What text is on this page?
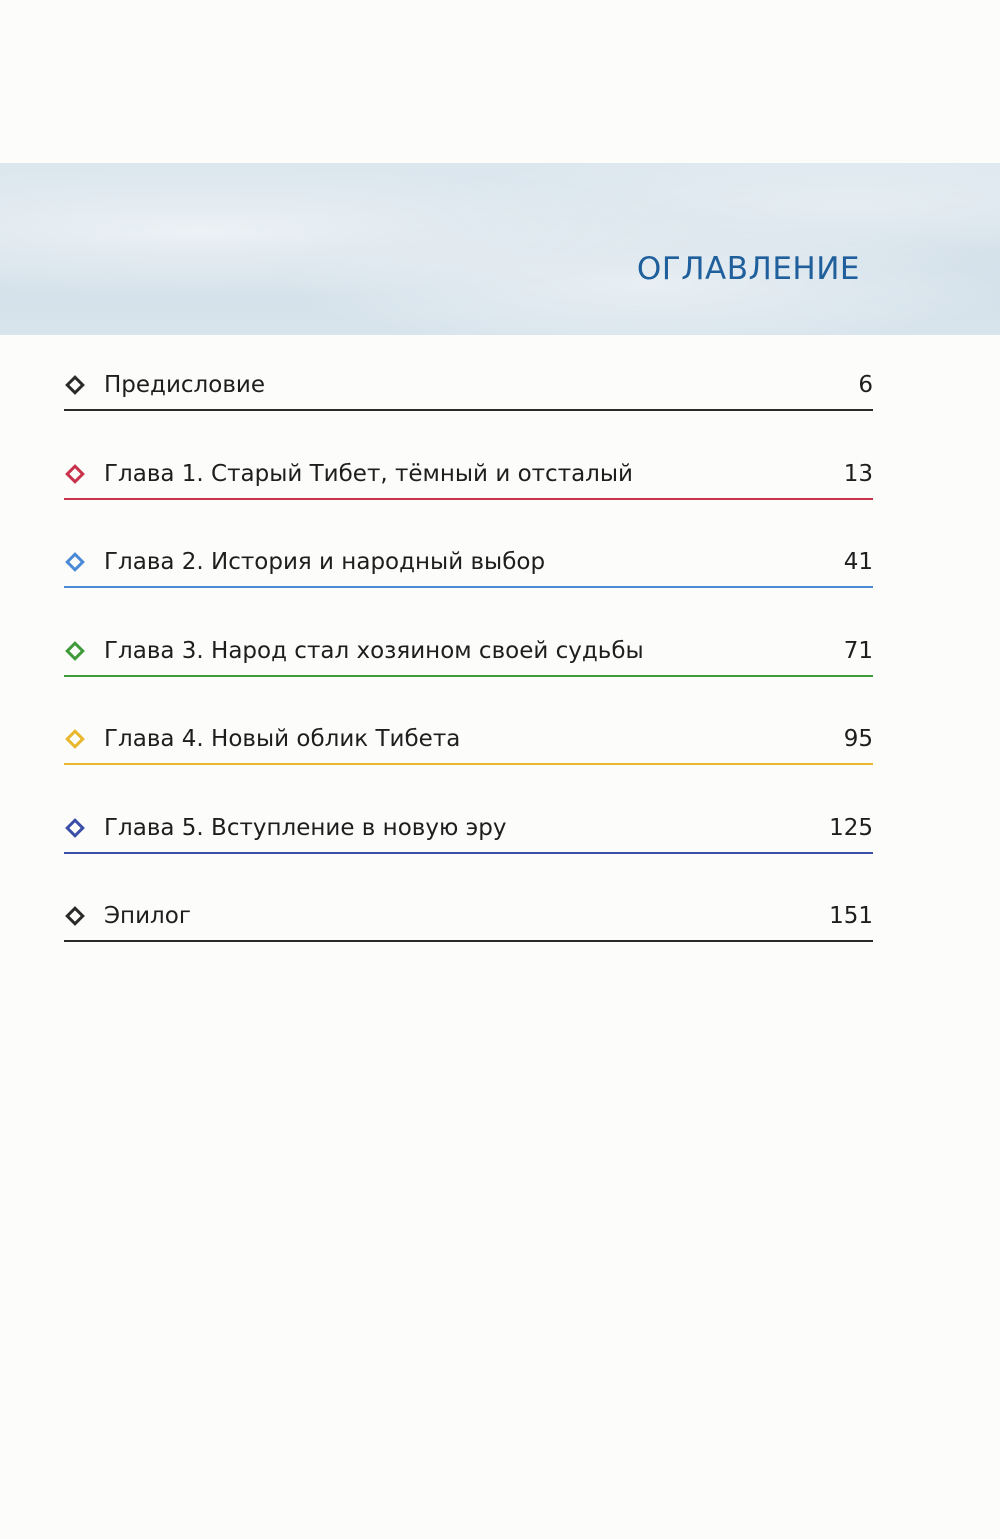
ОГЛАВЛЕНИЕ
Предисловие	6
Глава 1. Старый Тибет, тёмный и отсталый	13
Глава 2. История и народный выбор	41
Глава 3. Народ стал хозяином своей судьбы	71
Глава 4. Новый облик Тибета	95
Глава 5. Вступление в новую эру	125
Эпилог	151
